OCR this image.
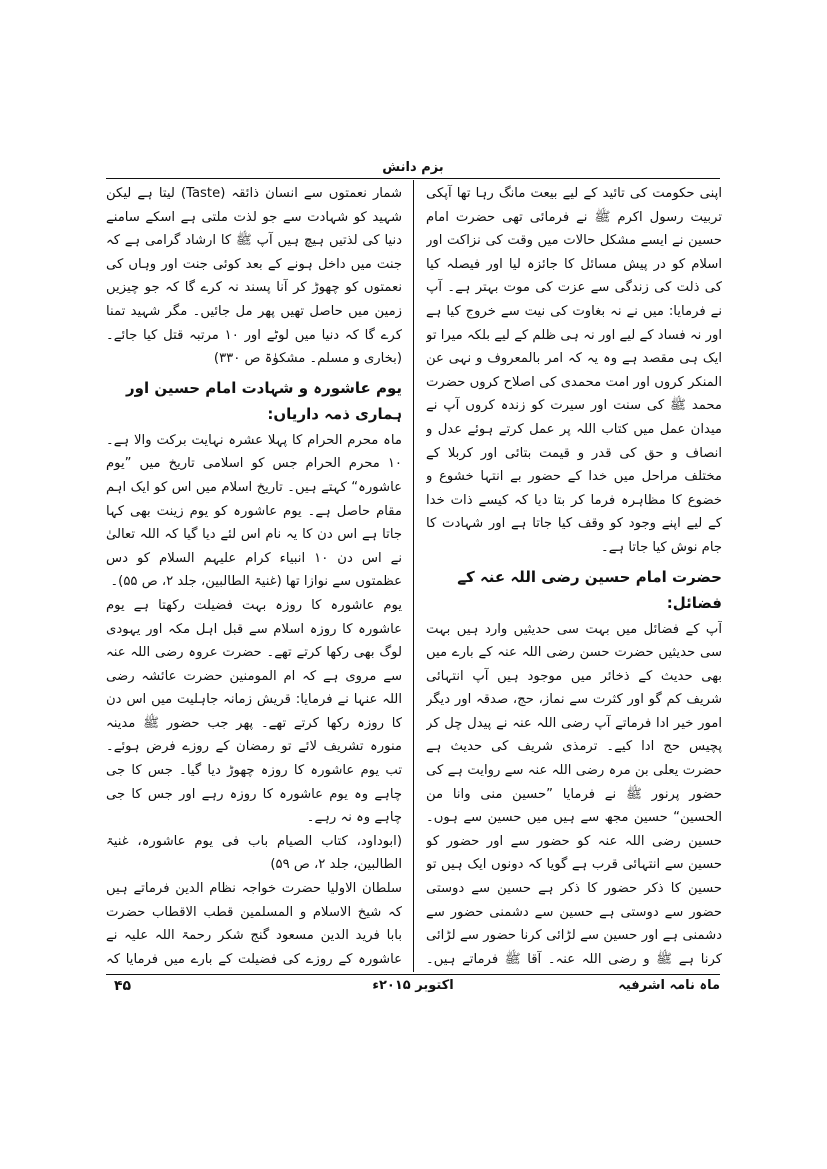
بزم دانش
اپنی حکومت کی تائید کے لیے بیعت مانگ رہا تھا آپکی تربیت رسول اکرم ﷺ نے فرمائی تھی حضرت امام حسین نے ایسے مشکل حالات میں وقت کی نزاکت اور اسلام کو در پیش مسائل کا جائزہ لیا اور فیصلہ کیا کی ذلت کی زندگی سے عزت کی موت بہتر ہے۔ آپ نے فرمایا: میں نے نہ بغاوت کی نیت سے خروج کیا ہے اور نہ فساد کے لیے اور نہ ہی ظلم کے لیے بلکہ میرا تو ایک ہی مقصد ہے وہ یہ کہ امر بالمعروف و نہی عن المنکر کروں اور امت محمدی کی اصلاح کروں حضرت محمد ﷺ کی سنت اور سیرت کو زندہ کروں آپ نے میدان عمل میں کتاب اللہ پر عمل کرتے ہوئے عدل و انصاف و حق کی قدر و قیمت بتائی اور کربلا کے مختلف مراحل میں خدا کے حضور بے انتہا خشوع و خضوع کا مظاہرہ فرما کر بتا دیا کہ کیسے ذات خدا کے لیے اپنے وجود کو وقف کیا جاتا ہے اور شہادت کا جام نوش کیا جاتا ہے۔
حضرت امام حسین رضی اللہ عنہ کے فضائل:
آپ کے فضائل میں بہت سی حدیثیں وارد ہیں بہت سی حدیثیں حضرت حسن رضی اللہ عنہ کے بارے میں بھی حدیث کے ذخائر میں موجود ہیں آپ انتہائی شریف کم گو اور کثرت سے نماز، حج، صدقہ اور دیگر امور خیر ادا فرماتے آپ رضی اللہ عنہ نے پیدل چل کر پچیس حج ادا کیے۔ ترمذی شریف کی حدیث ہے حضرت یعلی بن مرہ رضی اللہ عنہ سے روایت ہے کی حضور پرنور ﷺ نے فرمایا ”حسین منی وانا من الحسین“ حسین مجھ سے ہیں میں حسین سے ہوں۔ حسین رضی اللہ عنہ کو حضور سے اور حضور کو حسین سے انتہائی قرب ہے گویا کہ دونوں ایک ہیں تو حسین کا ذکر حضور کا ذکر ہے حسین سے دوستی حضور سے دوستی ہے حسین سے دشمنی حضور سے دشمنی ہے اور حسین سے لڑائی کرنا حضور سے لڑائی کرنا ہے ﷺ و رضی اللہ عنہ۔ آقا ﷺ فرماتے ہیں۔
شمار نعمتوں سے انسان ذائقہ (Taste) لیتا ہے لیکن شہید کو شہادت سے جو لذت ملتی ہے اسکے سامنے دنیا کی لذتیں ہیچ ہیں آپ ﷺ کا ارشاد گرامی ہے کہ جنت میں داخل ہونے کے بعد کوئی جنت اور وہاں کی نعمتوں کو چھوڑ کر آنا پسند نہ کرے گا کہ جو چیزیں زمین میں حاصل تھیں پھر مل جائیں۔ مگر شہید تمنا کرے گا کہ دنیا میں لوٹے اور ۱۰ مرتبہ قتل کیا جائے۔ (بخاری و مسلم۔ مشکوٰۃ ص ۳۳۰)
یوم عاشورہ و شہادت امام حسین اور ہماری ذمہ داریاں:
ماہ محرم الحرام کا پہلا عشرہ نہایت برکت والا ہے۔ ۱۰ محرم الحرام جس کو اسلامی تاریخ میں ”یوم عاشورہ“ کہتے ہیں۔ تاریخ اسلام میں اس کو ایک اہم مقام حاصل ہے۔ یوم عاشورہ کو یوم زینت بھی کہا جاتا ہے اس دن کا یہ نام اس لئے دیا گیا کہ اللہ تعالیٰ نے اس دن ۱۰ انبیاء کرام علیہم السلام کو دس عظمتوں سے نوازا تھا (غنیۃ الطالبین، جلد ۲، ص ۵۵)۔
یوم عاشورہ کا روزہ بہت فضیلت رکھتا ہے یوم عاشورہ کا روزہ اسلام سے قبل اہل مکہ اور یہودی لوگ بھی رکھا کرتے تھے۔ حضرت عروہ رضی اللہ عنہ سے مروی ہے کہ ام المومنین حضرت عائشہ رضی اللہ عنہا نے فرمایا: قریش زمانہ جاہلیت میں اس دن کا روزہ رکھا کرتے تھے۔ پھر جب حضور ﷺ مدینہ منورہ تشریف لائے تو رمضان کے روزے فرض ہوئے۔ تب یوم عاشورہ کا روزہ چھوڑ دیا گیا۔ جس کا جی چاہے وہ یوم عاشورہ کا روزہ رہے اور جس کا جی چاہے وہ نہ رہے۔
(ابوداود، کتاب الصیام باب فی یوم عاشورہ، غنیۃ الطالبین، جلد ۲، ص ۵۹)
سلطان الاولیا حضرت خواجہ نظام الدین فرماتے ہیں کہ شیخ الاسلام و المسلمین قطب الاقطاب حضرت بابا فرید الدین مسعود گنج شکر رحمۃ اللہ علیہ نے عاشورہ کے روزے کی فضیلت کے بارے میں فرمایا کہ
ماہ نامہ اشرفیہ
اکتوبر ۲۰۱۵ء
۴۵
